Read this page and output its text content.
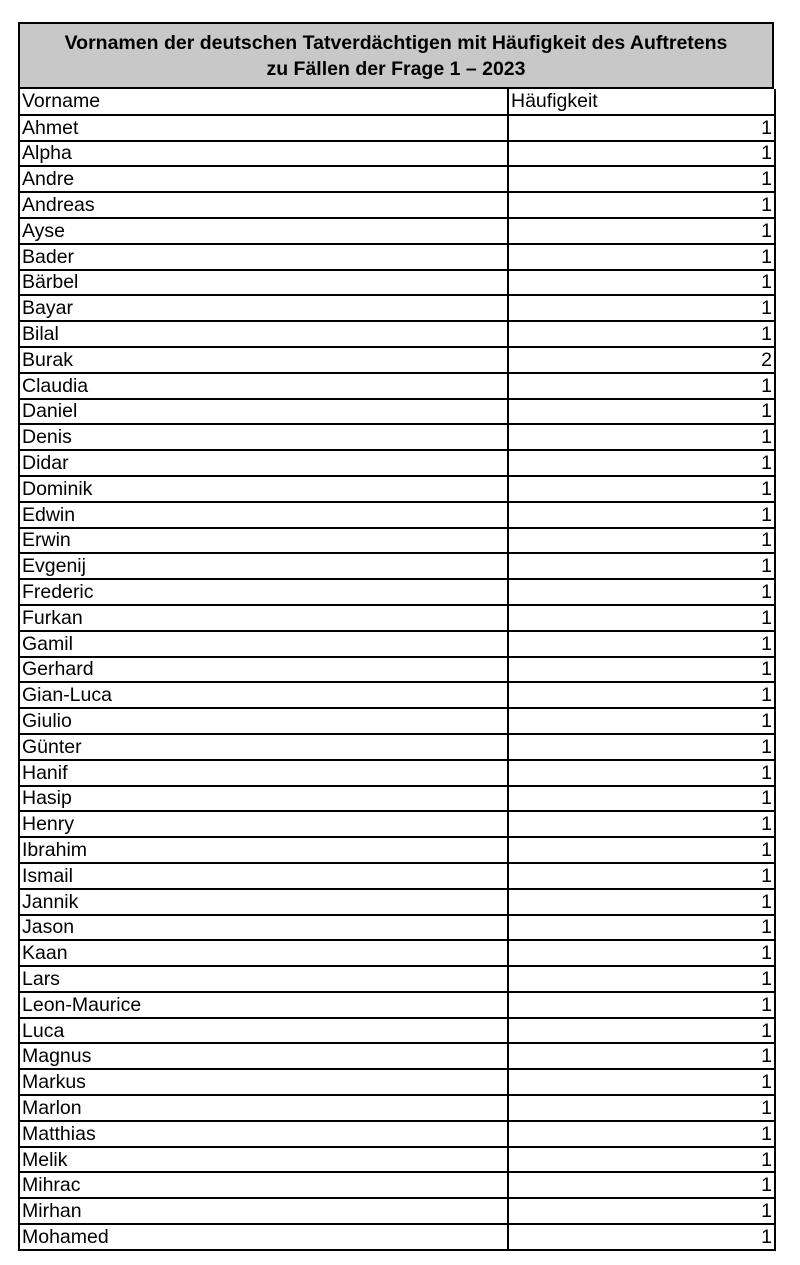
Vornamen der deutschen Tatverdächtigen mit Häufigkeit des Auftretens
zu Fällen der Frage 1 – 2023
Vorname	Häufigkeit
Ahmet	1
Alpha	1
Andre	1
Andreas	1
Ayse	1
Bader	1
Bärbel	1
Bayar	1
Bilal	1
Burak	2
Claudia	1
Daniel	1
Denis	1
Didar	1
Dominik	1
Edwin	1
Erwin	1
Evgenij	1
Frederic	1
Furkan	1
Gamil	1
Gerhard	1
Gian-Luca	1
Giulio	1
Günter	1
Hanif	1
Hasip	1
Henry	1
Ibrahim	1
Ismail	1
Jannik	1
Jason	1
Kaan	1
Lars	1
Leon-Maurice	1
Luca	1
Magnus	1
Markus	1
Marlon	1
Matthias	1
Melik	1
Mihrac	1
Mirhan	1
Mohamed	1
